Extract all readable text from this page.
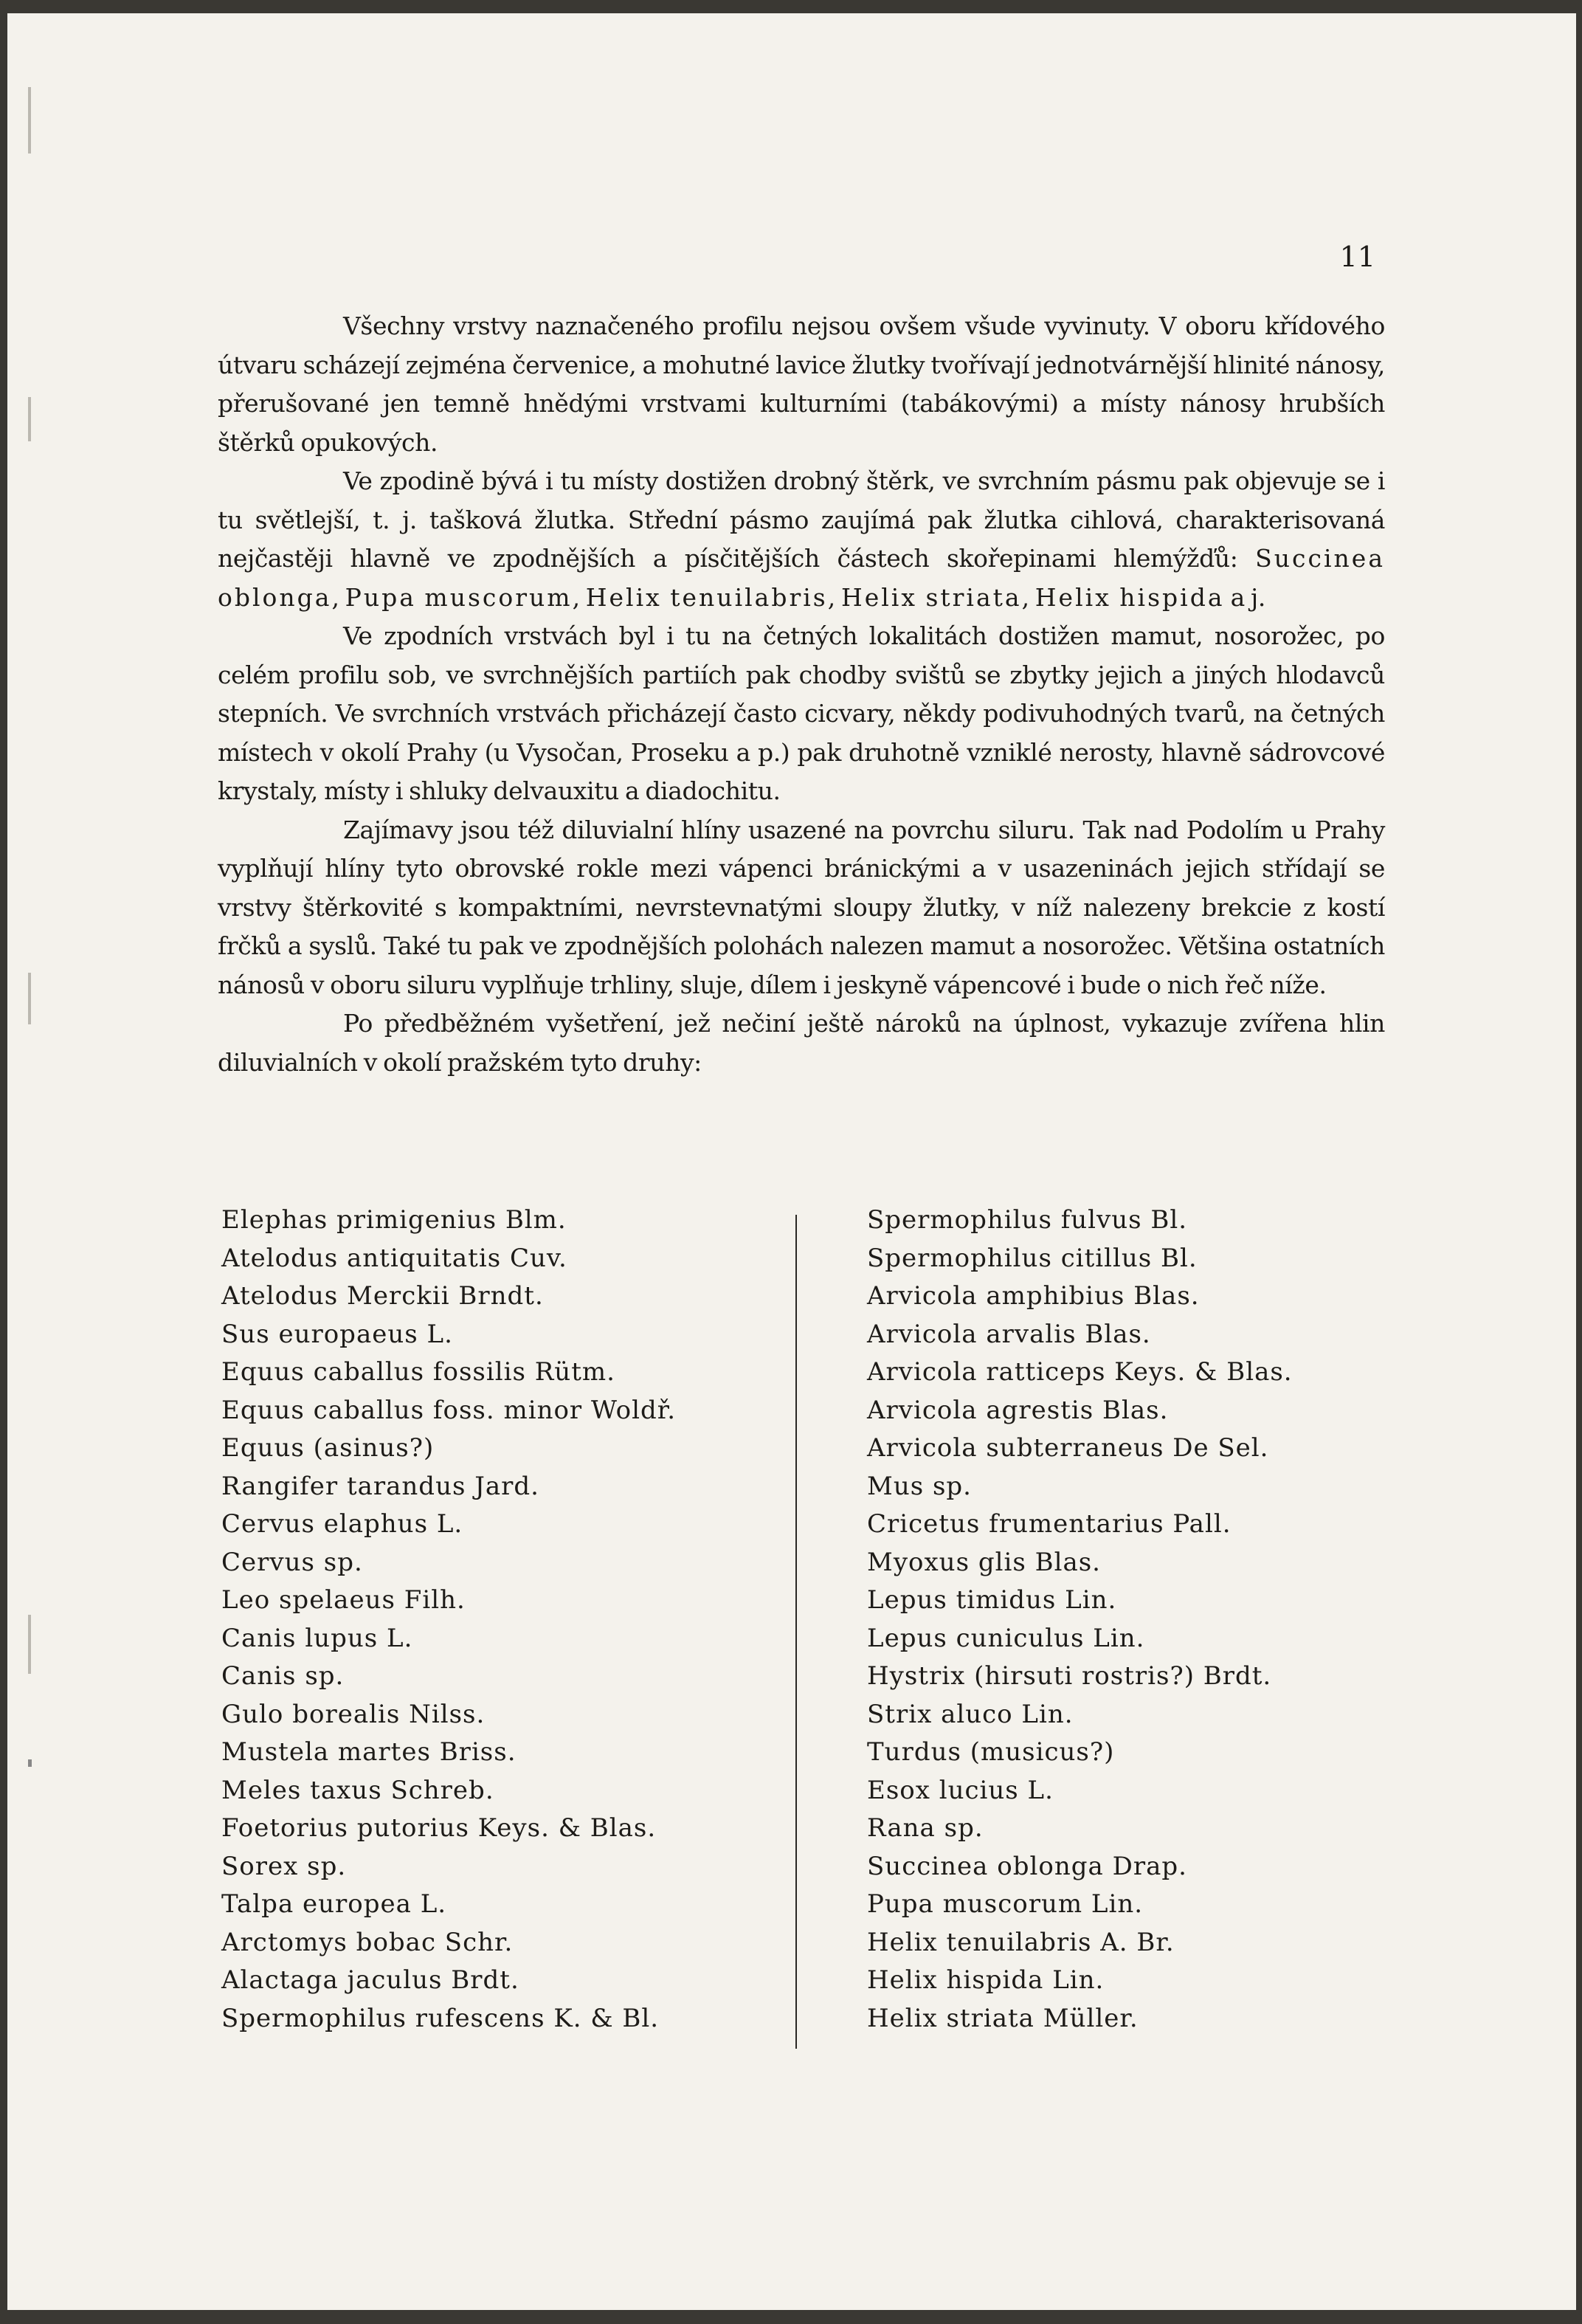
11

Všechny vrstvy naznačeného profilu nejsou ovšem všude vyvinuty. V oboru křídového útvaru scházejí zejména červenice, a mohutné lavice žlutky tvořívají jednotvárnější hlinité nánosy, přerušované jen temně hnědými vrstvami kulturními (tabákovými) a místy nánosy hrubších štěrků opukových.

Ve zpodině bývá i tu místy dostižen drobný štěrk, ve svrchním pásmu pak objevuje se i tu světlejší, t. j. tašková žlutka. Střední pásmo zaujímá pak žlutka cihlová, charakterisovaná nejčastěji hlavně ve zpodnějších a písčitějších částech skořepinami hlemýžďů: Succinea oblonga, Pupa muscorum, Helix tenuilabris, Helix striata, Helix hispida a j.

Ve zpodních vrstvách byl i tu na četných lokalitách dostižen mamut, nosorožec, po celém profilu sob, ve svrchnějších partiích pak chodby svištů se zbytky jejich a jiných hlodavců stepních. Ve svrchních vrstvách přicházejí často cicvary, někdy podivuhodných tvarů, na četných místech v okolí Prahy (u Vysočan, Proseku a p.) pak druhotně vzniklé nerosty, hlavně sádrovcové krystaly, místy i shluky delvauxitu a diadochitu.

Zajímavy jsou též diluvialní hlíny usazené na povrchu siluru. Tak nad Podolím u Prahy vyplňují hlíny tyto obrovské rokle mezi vápenci bránickými a v usazeninách jejich střídají se vrstvy štěrkovité s kompaktními, nevrstevnatými sloupy žlutky, v níž nalezeny brekcie z kostí frčků a syslů. Také tu pak ve zpodnějších polohách nalezen mamut a nosorožec. Většina ostatních nánosů v oboru siluru vyplňuje trhliny, sluje, dílem i jeskyně vápencové i bude o nich řeč níže.

Po předběžném vyšetření, jež nečiní ještě nároků na úplnost, vykazuje zvířena hlin diluvialních v okolí pražském tyto druhy:

Elephas primigenius Blm.
Atelodus antiquitatis Cuv.
Atelodus Merckii Brndt.
Sus europaeus L.
Equus caballus fossilis Rütm.
Equus caballus foss. minor Woldř.
Equus (asinus?)
Rangifer tarandus Jard.
Cervus elaphus L.
Cervus sp.
Leo spelaeus Filh.
Canis lupus L.
Canis sp.
Gulo borealis Nilss.
Mustela martes Briss.
Meles taxus Schreb.
Foetorius putorius Keys. & Blas.
Sorex sp.
Talpa europea L.
Arctomys bobac Schr.
Alactaga jaculus Brdt.
Spermophilus rufescens K. & Bl.
Spermophilus fulvus Bl.
Spermophilus citillus Bl.
Arvicola amphibius Blas.
Arvicola arvalis Blas.
Arvicola ratticeps Keys. & Blas.
Arvicola agrestis Blas.
Arvicola subterraneus De Sel.
Mus sp.
Cricetus frumentarius Pall.
Myoxus glis Blas.
Lepus timidus Lin.
Lepus cuniculus Lin.
Hystrix (hirsuti rostris?) Brdt.
Strix aluco Lin.
Turdus (musicus?)
Esox lucius L.
Rana sp.
Succinea oblonga Drap.
Pupa muscorum Lin.
Helix tenuilabris A. Br.
Helix hispida Lin.
Helix striata Müller.
